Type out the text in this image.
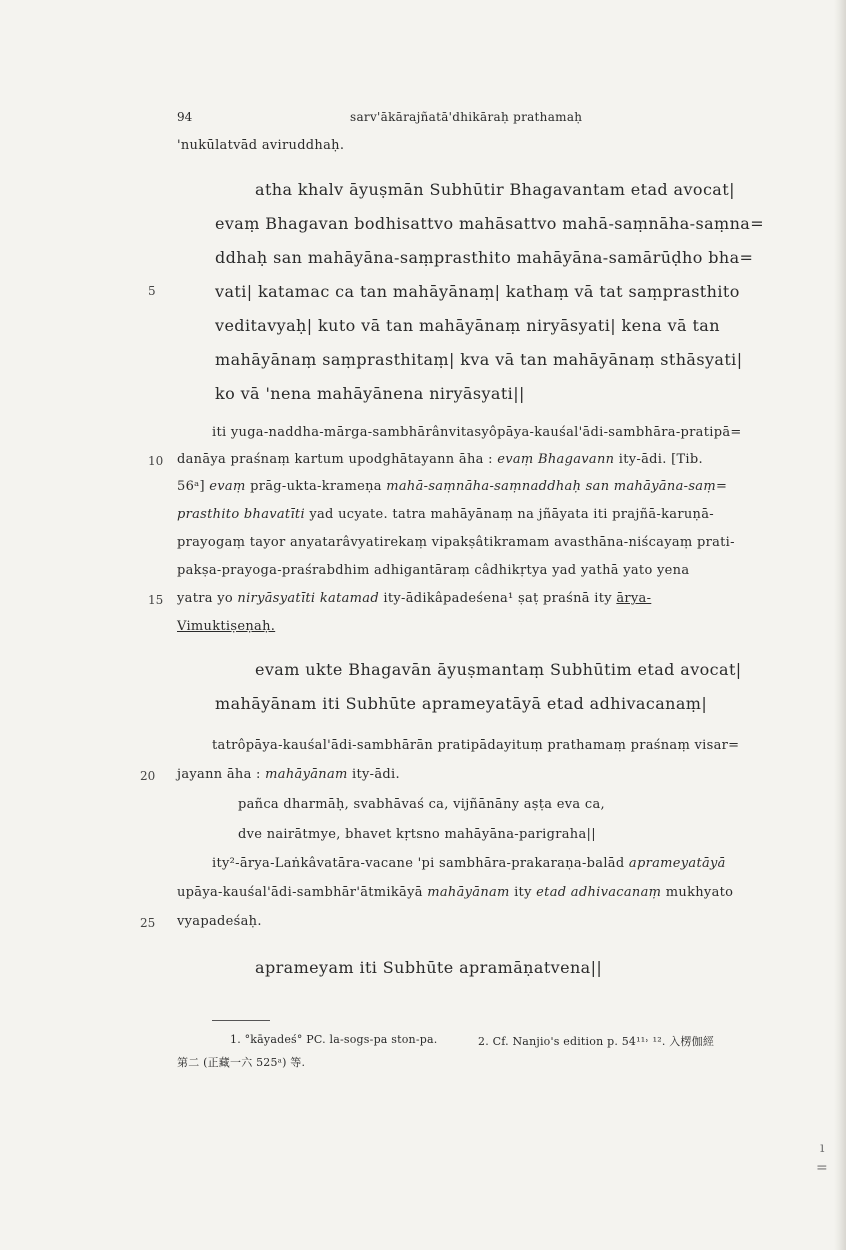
94	sarv'ākārajñatā'dhikāraḥ prathamaḥ
'nukūlatvād aviruddhaḥ.
atha khalv āyuṣmān Subhūtir Bhagavantam etad avocat|
evaṃ Bhagavan bodhisattvo mahāsattvo mahā-saṃnāha-saṃna=
ddhaḥ san mahāyāna-saṃprasthito mahāyāna-samārūḍho bha=
vati| katamac ca tan mahāyānaṃ| kathaṃ vā tat saṃprasthito
veditavyaḥ| kuto vā tan mahāyānaṃ niryāsyati| kena vā tan
mahāyānaṃ saṃprasthitaṃ| kva vā tan mahāyānaṃ sthāsyati|
ko vā 'nena mahāyānena niryāsyati||
5
iti yuga-naddha-mārga-sambhārânvitasyôpāya-kauśal'ādi-sambhāra-pratipā=
danāya praśnaṃ kartum upodghātayann āha : evaṃ Bhagavann ity-ādi. [Tib.
56ᵃ] evaṃ prāg-ukta-krameṇa mahā-saṃnāha-saṃnaddhaḥ san mahāyāna-saṃ=
prasthito bhavatīti yad ucyate. tatra mahāyānaṃ na jñāyata iti prajñā-karuṇā-
prayogaṃ tayor anyatarâvyatirekaṃ vipakṣâtikramam avasthāna-niścayaṃ prati-
pakṣa-prayoga-praśrabdhim adhigantāraṃ câdhikṛtya yad yathā yato yena
yatra yo niryāsyatīti katamad ity-ādikâpadeśena¹ ṣaṭ praśnā ity ārya-
Vimuktiṣeṇaḥ.
10
15
evam ukte Bhagavān āyuṣmantaṃ Subhūtim etad avocat|
mahāyānam iti Subhūte aprameyatāyā etad adhivacanaṃ|
tatrôpāya-kauśal'ādi-sambhārān pratipādayituṃ prathamaṃ praśnaṃ visar=
jayann āha : mahāyānam ity-ādi.
pañca dharmāḥ, svabhāvaś ca, vijñānāny aṣṭa eva ca,
dve nairātmye, bhavet kṛtsno mahāyāna-parigraha||
ity²-ārya-Laṅkâvatāra-vacane 'pi sambhāra-prakaraṇa-balād aprameyatāyā
upāya-kauśal'ādi-sambhār'ātmikāyā mahāyānam ity etad adhivacanaṃ mukhyato
vyapadeśaḥ.
20
25
aprameyam iti Subhūte apramāṇatvena||
1. °kāyadeś° PC. la-sogs-pa ston-pa.	2. Cf. Nanjio's edition p. 54¹¹˒ ¹². 入楞伽經
第二 (正藏一六 525ᵃ) 等.
ı
=
